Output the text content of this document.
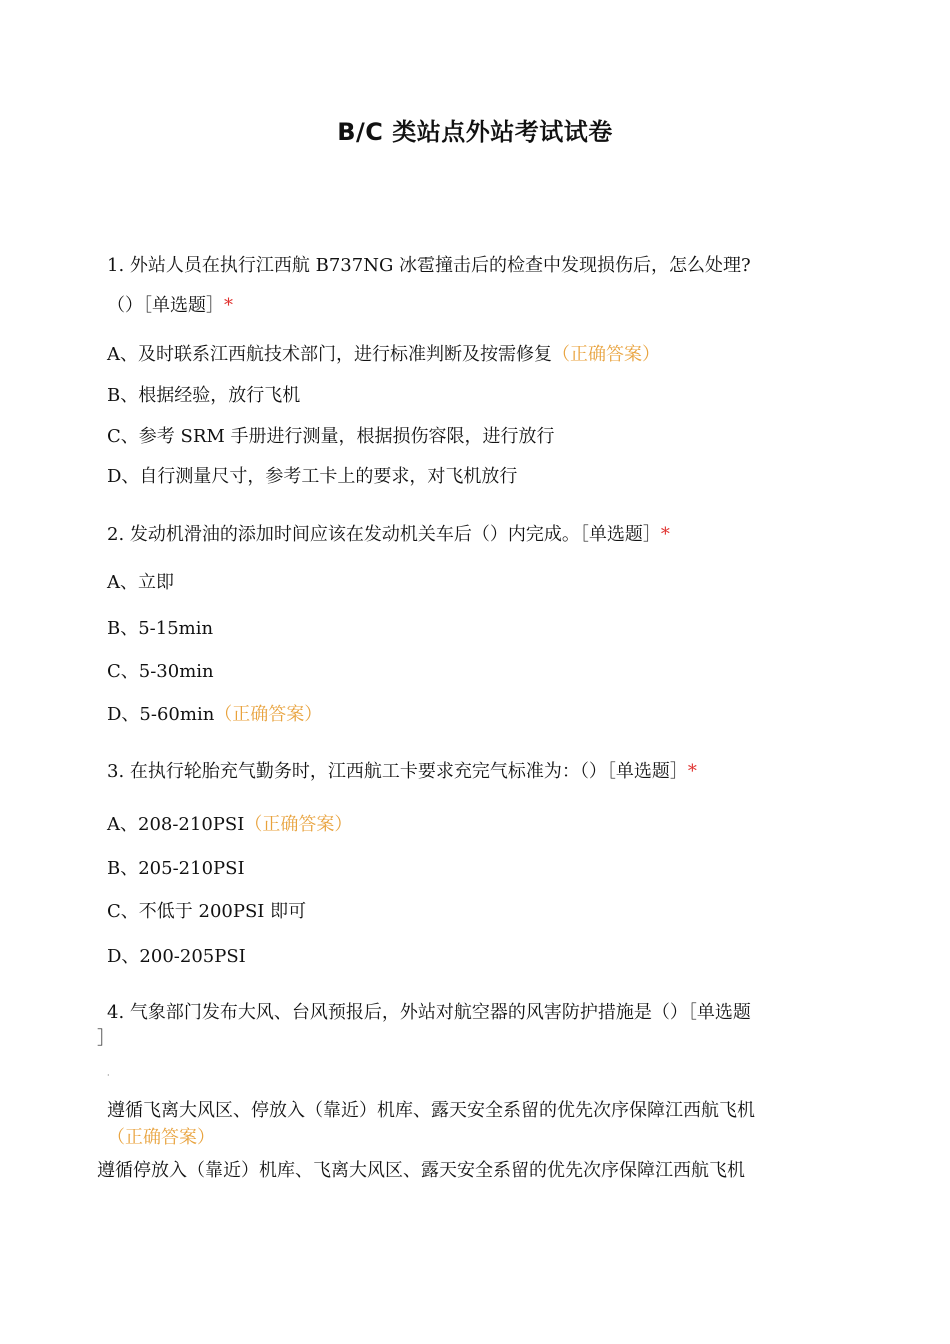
B/C 类站点外站考试试卷
1. 外站人员在执行江西航 B737NG 冰雹撞击后的检查中发现损伤后，怎么处理?
（）［单选题］*
A、及时联系江西航技术部门，进行标准判断及按需修复（正确答案）
B、根据经验，放行飞机
C、参考 SRM 手册进行测量，根据损伤容限，进行放行
D、自行测量尺寸，参考工卡上的要求，对飞机放行
2. 发动机滑油的添加时间应该在发动机关车后（）内完成。［单选题］*
A、立即
B、5-15min
C、5-30min
D、5-60min（正确答案）
3. 在执行轮胎充气勤务时，江西航工卡要求充完气标准为：（）［单选题］*
A、208-210PSI（正确答案）
B、205-210PSI
C、不低于 200PSI 即可
D、200-205PSI
4. 气象部门发布大风、台风预报后，外站对航空器的风害防护措施是（）［单选题
］
·
遵循飞离大风区、停放入（靠近）机库、露天安全系留的优先次序保障江西航飞机
（正确答案）
遵循停放入（靠近）机库、飞离大风区、露天安全系留的优先次序保障江西航飞机
